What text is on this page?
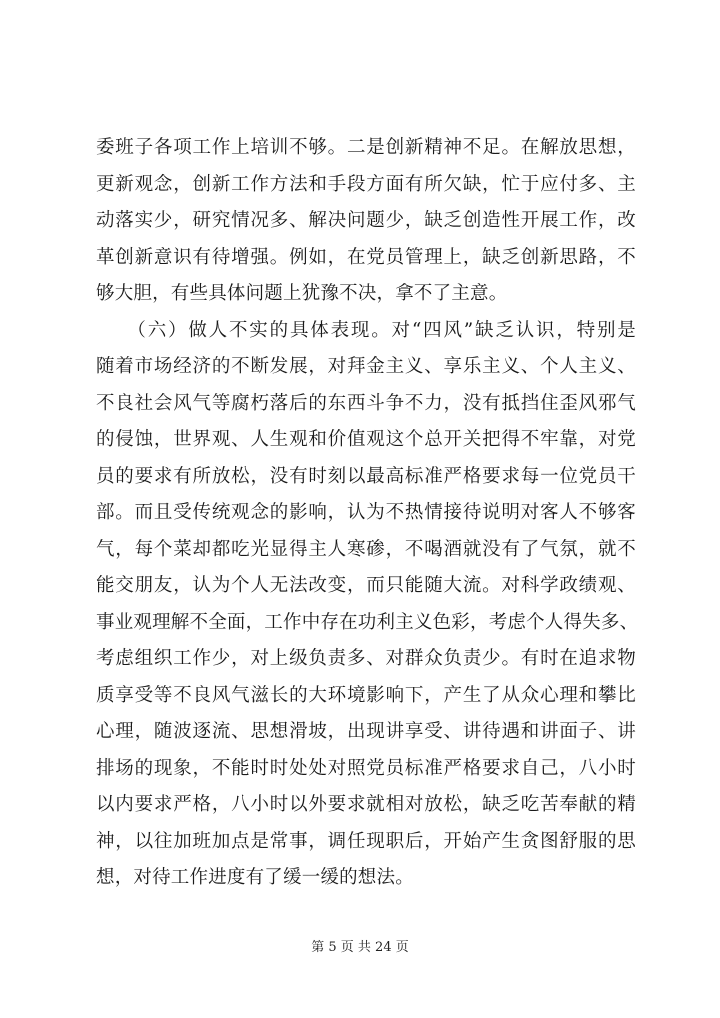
委班子各项工作上培训不够。二是创新精神不足。在解放思想，
更新观念，创新工作方法和手段方面有所欠缺，忙于应付多、主
动落实少，研究情况多、解决问题少，缺乏创造性开展工作，改
革创新意识有待增强。例如，在党员管理上，缺乏创新思路，不
够大胆，有些具体问题上犹豫不决，拿不了主意。
　　（六）做人不实的具体表现。对“四风”缺乏认识，特别是
随着市场经济的不断发展，对拜金主义、享乐主义、个人主义、
不良社会风气等腐朽落后的东西斗争不力，没有抵挡住歪风邪气
的侵蚀，世界观、人生观和价值观这个总开关把得不牢靠，对党
员的要求有所放松，没有时刻以最高标准严格要求每一位党员干
部。而且受传统观念的影响，认为不热情接待说明对客人不够客
气，每个菜却都吃光显得主人寒碜，不喝酒就没有了气氛，就不
能交朋友，认为个人无法改变，而只能随大流。对科学政绩观、
事业观理解不全面，工作中存在功利主义色彩，考虑个人得失多、
考虑组织工作少，对上级负责多、对群众负责少。有时在追求物
质享受等不良风气滋长的大环境影响下，产生了从众心理和攀比
心理，随波逐流、思想滑坡，出现讲享受、讲待遇和讲面子、讲
排场的现象，不能时时处处对照党员标准严格要求自己，八小时
以内要求严格，八小时以外要求就相对放松，缺乏吃苦奉献的精
神，以往加班加点是常事，调任现职后，开始产生贪图舒服的思
想，对待工作进度有了缓一缓的想法。
第 5 页 共 24 页
